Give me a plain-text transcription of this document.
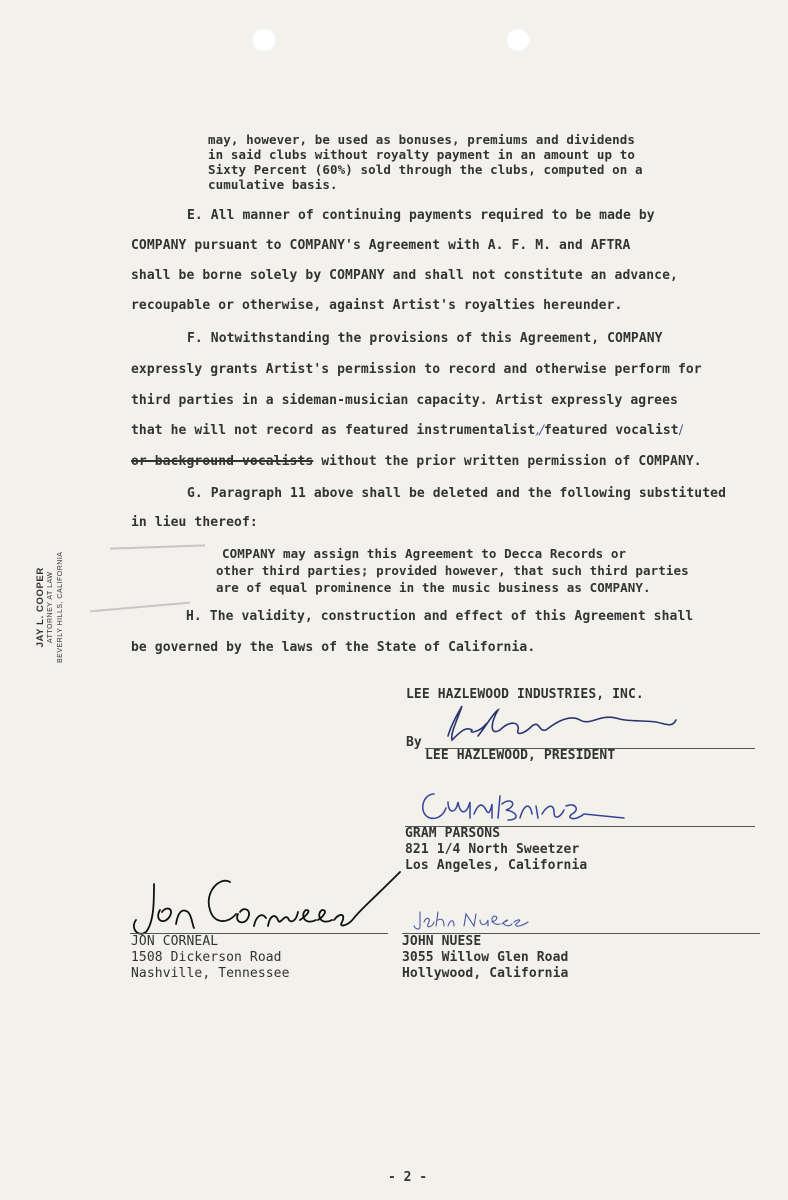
JAY L. COOPER ATTORNEY AT LAW BEVERLY HILLS, CALIFORNIA
may, however, be used as bonuses, premiums and dividends
in said clubs without royalty payment in an amount up to
Sixty Percent (60%) sold through the clubs, computed on a
cumulative basis.
E. All manner of continuing payments required to be made by
COMPANY pursuant to COMPANY's Agreement with A. F. M. and AFTRA
shall be borne solely by COMPANY and shall not constitute an advance,
recoupable or otherwise, against Artist's royalties hereunder.
F. Notwithstanding the provisions of this Agreement, COMPANY
expressly grants Artist's permission to record and otherwise perform for
third parties in a sideman-musician capacity. Artist expressly agrees
that he will not record as featured instrumentalist,/featured vocalist/
or background vocalists without the prior written permission of COMPANY.
G. Paragraph 11 above shall be deleted and the following substituted
in lieu thereof:
COMPANY may assign this Agreement to Decca Records or
other third parties; provided however, that such third parties
are of equal prominence in the music business as COMPANY.
H. The validity, construction and effect of this Agreement shall
be governed by the laws of the State of California.
LEE HAZLEWOOD INDUSTRIES, INC.
By
LEE HAZLEWOOD, PRESIDENT
GRAM PARSONS
821 1/4 North Sweetzer
Los Angeles, California
JON CORNEAL
1508 Dickerson Road
Nashville, Tennessee
JOHN NUESE
3055 Willow Glen Road
Hollywood, California
- 2 -
